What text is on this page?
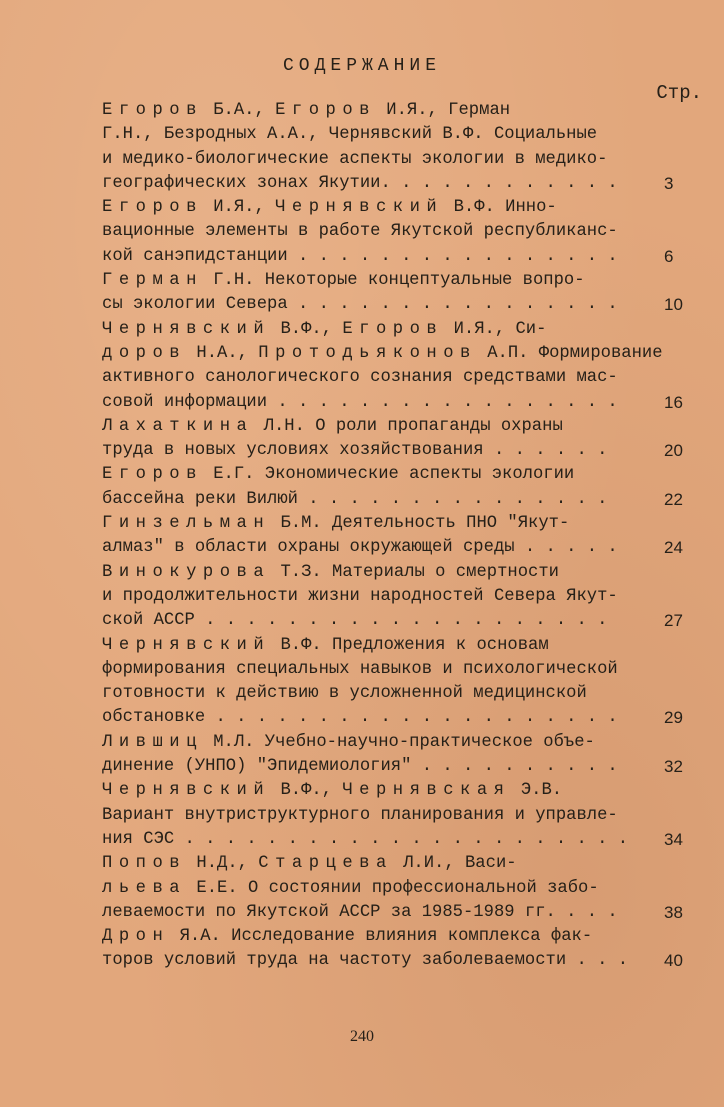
СОДЕРЖАНИЕ
Стр.
Егоров Б.А., Егоров И.Я., Герман
Г.Н., Безродных А.А., Чернявский В.Ф. Социальные
и медико-биологические аспекты экологии в медико-
географических зонах Якутии. . . . . . . . . . . .	3
Егоров И.Я., Чернявский В.Ф. Инно-
вационные элементы в работе Якутской республиканс-
кой санэпидстанции . . . . . . . . . . . . . . . .	6
Герман Г.Н. Некоторые концептуальные вопро-
сы экологии Севера . . . . . . . . . . . . . . . .	10
Чернявский В.Ф., Егоров И.Я., Си-
доров Н.А., Протодьяконов А.П. Формирование
активного санологического сознания средствами мас-
совой информации . . . . . . . . . . . . . . . . .	16
Лахаткина Л.Н. О роли пропаганды охраны
труда в новых условиях хозяйствования . . . . . .	20
Егоров Е.Г. Экономические аспекты экологии
бассейна реки Вилюй . . . . . . . . . . . . . . .	22
Гинзельман Б.М. Деятельность ПНО "Якут-
алмаз" в области охраны окружающей среды . . . . .	24
Винокурова Т.З. Материалы о смертности
и продолжительности жизни народностей Севера Якут-
ской АССР . . . . . . . . . . . . . . . . . . . .	27
Чернявский В.Ф. Предложения к основам
формирования специальных навыков и психологической
готовности к действию в усложненной медицинской
обстановке . . . . . . . . . . . . . . . . . . . .	29
Лившиц М.Л. Учебно-научно-практическое объе-
динение (УНПО) "Эпидемиология" . . . . . . . . . .	32
Чернявский В.Ф., Чернявская Э.В.
Вариант внутриструктурного планирования и управле-
ния СЭС . . . . . . . . . . . . . . . . . . . . . . 34
Попов Н.Д., Старцева Л.И., Васи-
льева Е.Е. О состоянии профессиональной забо-
леваемости по Якутской АССР за 1985-1989 гг. . . .	38
Дрон Я.А. Исследование влияния комплекса фак-
торов условий труда на частоту заболеваемости . . . 40
240
